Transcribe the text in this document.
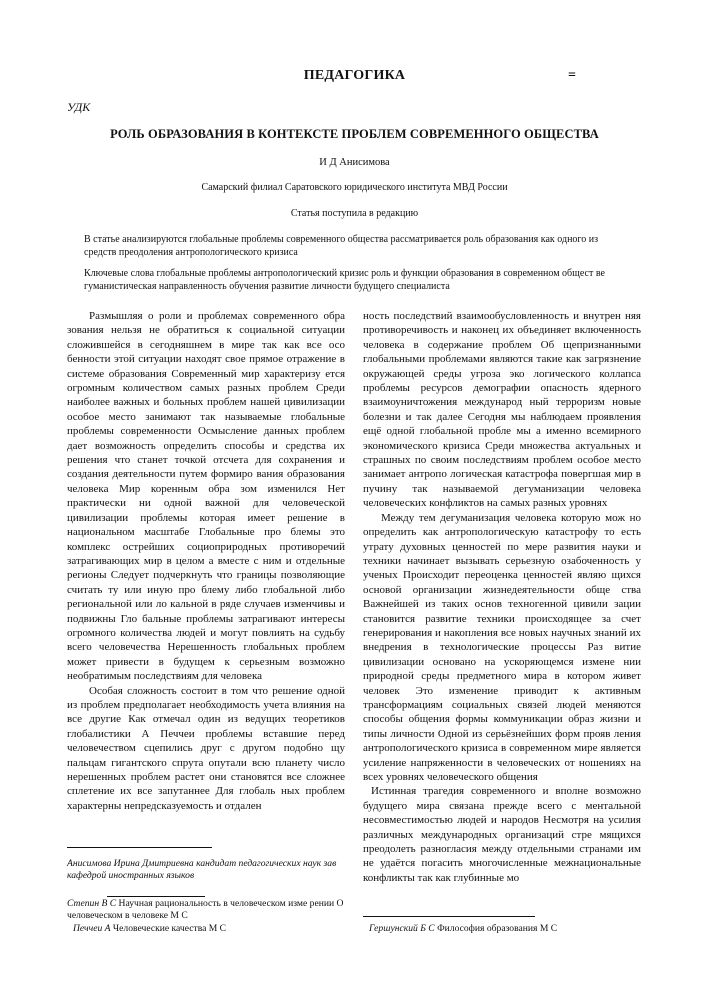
ПЕДАГОГИКА	=
УДК
РОЛЬ ОБРАЗОВАНИЯ В КОНТЕКСТЕ ПРОБЛЕМ СОВРЕМЕННОГО ОБЩЕСТВА
И Д Анисимова
Самарский филиал Саратовского юридического института МВД России
Статья поступила в редакцию
В статье анализируются глобальные проблемы современного общества рассматривается роль образования как одного из средств преодоления антропологического кризиса
Ключевые слова глобальные проблемы антропологический кризис роль и функции образования в современном общест ве гуманистическая направленность обучения развитие личности будущего специалиста

Размышляя о роли и проблемах современного обра зования нельзя не обратиться к социальной ситуации сложившейся в сегодняшнем в мире так как все осо бенности этой ситуации находят свое прямое отражение в системе образования Современный мир характеризу ется огромным количеством самых разных проблем Среди наиболее важных и больных проблем нашей цивилизации особое место занимают так называемые глобальные проблемы современности Осмысление данных проблем дает возможность определить способы и средства их решения что станет точкой отсчета для сохранения и создания деятельности путем формиро вания образования человека Мир коренным обра зом изменился Нет практически ни одной важной для человеческой цивилизации проблемы которая имеет решение в национальном масштабе Глобальные про блемы это комплекс острейших социоприродных противоречий затрагивающих мир в целом а вместе с ним и отдельные регионы Следует подчеркнуть что границы позволяющие считать ту или иную про блему либо глобальной либо региональной или ло кальной в ряде случаев изменчивы и подвижны Гло бальные проблемы затрагивают интересы огромного количества людей и могут повлиять на судьбу всего человечества Нерешенность глобальных проблем может привести в будущем к серьезным возможно необратимым последствиям для человека

Особая сложность состоит в том что решение одной из проблем предполагает необходимость учета влияния на все другие Как отмечал один из ведущих теоретиков глобалистики А Печчеи проблемы вставшие перед человечеством сцепились друг с другом подобно щу пальцам гигантского спрута опутали всю планету число нерешенных проблем растет они становятся все сложнее сплетение их все запутаннее Для глобаль ных проблем характерны непредсказуемость и отдален

ность последствий взаимообусловленность и внутрен няя противоречивость и наконец их объединяет включенность человека в содержание проблем Об щепризнанными глобальными проблемами являются такие как загрязнение окружающей среды угроза эко логического коллапса проблемы ресурсов демографии опасность ядерного взаимоуничтожения международ ный терроризм новые болезни и так далее Сегодня мы наблюдаем проявления ещё одной глобальной пробле мы а именно всемирного экономического кризиса Среди множества актуальных и страшных по своим последствиям проблем особое место занимает антропо логическая катастрофа повергшая мир в пучину так называемой дегуманизации человека человеческих конфликтов на самых разных уровнях

Между тем дегуманизация человека которую мож но определить как антропологическую катастрофу то есть утрату духовных ценностей по мере развития науки и техники начинает вызывать серьезную озабоченность у ученых Происходит переоценка ценностей являю щихся основой организации жизнедеятельности обще ства Важнейшей из таких основ техногенной цивили зации становится развитие техники происходящее за счет генерирования и накопления все новых научных знаний их внедрения в технологические процессы Раз витие цивилизации основано на ускоряющемся измене нии природной среды предметного мира в котором живет человек Это изменение приводит к активным трансформациям социальных связей людей меняются способы общения формы коммуникации образ жизни и типы личности Одной из серьёзнейших форм прояв ления антропологического кризиса в современном мире является усиление напряженности в человеческих от ношениях на всех уровнях человеческого общения

Истинная трагедия современного и вполне возможно будущего мира связана прежде всего с ментальной несовместимостью людей и народов Несмотря на усилия различных международных организаций стре мящихся преодолеть разногласия между отдельными странами им не удаётся погасить многочисленные межнациональные конфликты так как глубинные мо

Анисимова Ирина Дмитриевна кандидат педагогических наук зав кафедрой иностранных языков
Степин В С Научная рациональность в человеческом изме рении О человеческом в человеке М С
Печчеи А Человеческие качества М С	Гершунский Б С Философия образования М С
